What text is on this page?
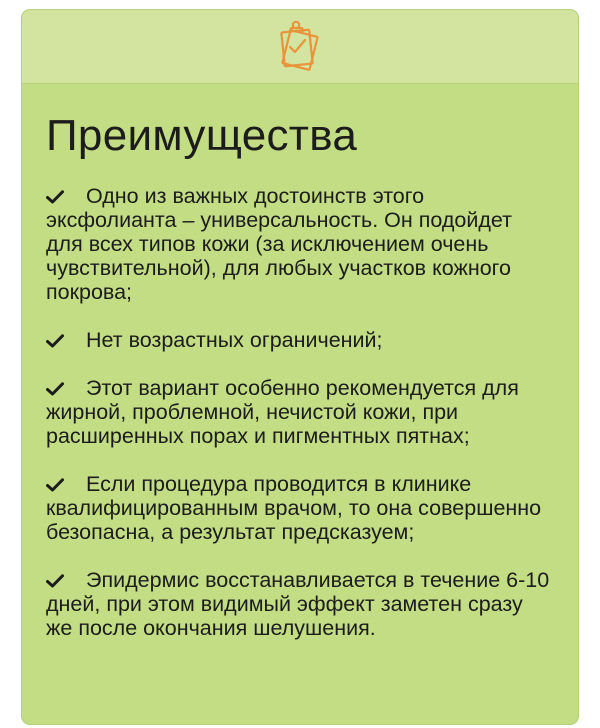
Преимущества

Одно из важных достоинств этого эксфолианта – универсальность. Он подойдет для всех типов кожи (за исключением очень чувствительной), для любых участков кожного покрова;

Нет возрастных ограничений;

Этот вариант особенно рекомендуется для жирной, проблемной, нечистой кожи, при расширенных порах и пигментных пятнах;

Если процедура проводится в клинике квалифицированным врачом, то она совершенно безопасна, а результат предсказуем;

Эпидермис восстанавливается в течение 6-10 дней, при этом видимый эффект заметен сразу же после окончания шелушения.
